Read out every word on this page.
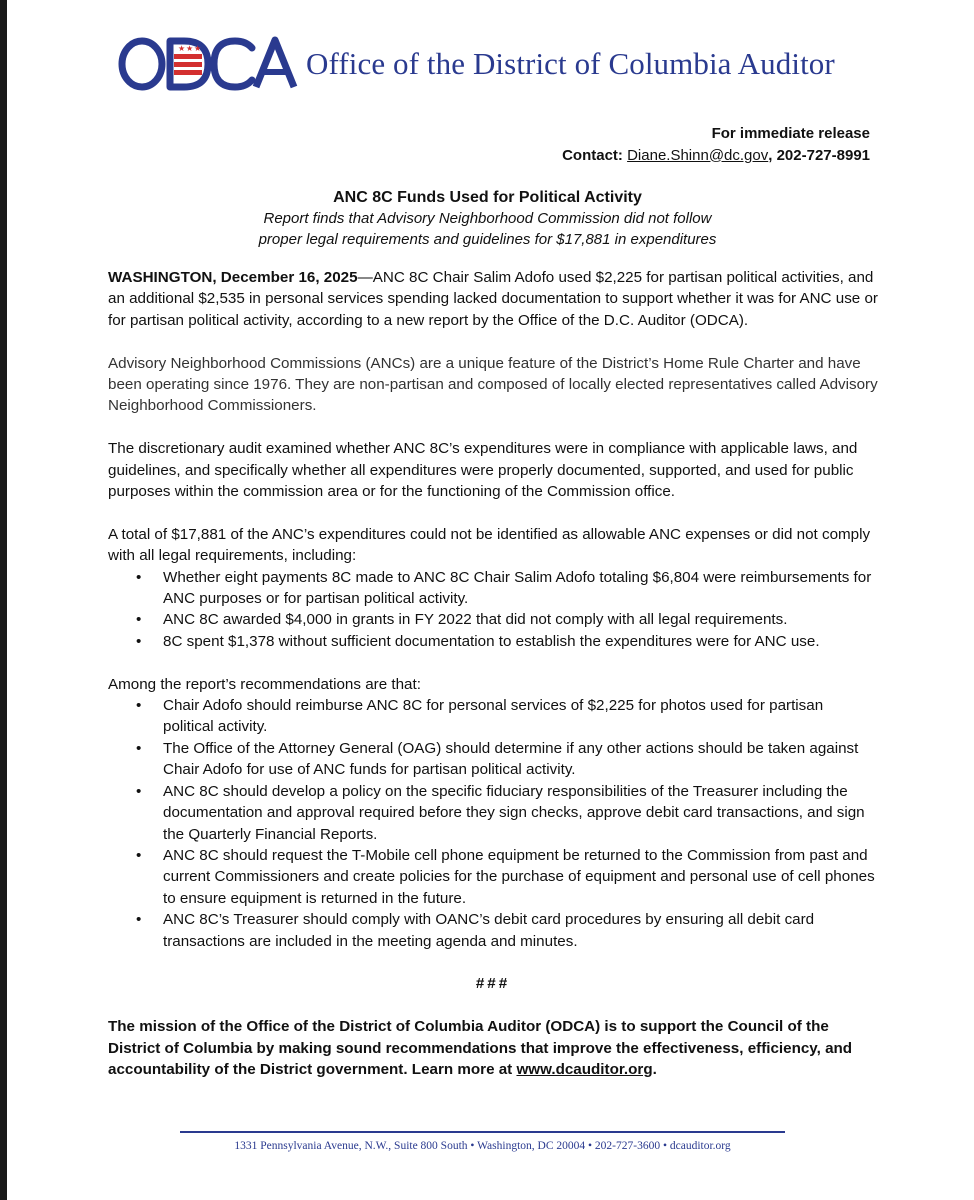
★ ★ ★	Office of the District of Columbia Auditor
For immediate release
Contact: Diane.Shinn@dc.gov, 202-727-8991
ANC 8C Funds Used for Political Activity
Report finds that Advisory Neighborhood Commission did not follow
proper legal requirements and guidelines for $17,881 in expenditures

WASHINGTON, December 16, 2025—ANC 8C Chair Salim Adofo used $2,225 for partisan political activities, and an additional $2,535 in personal services spending lacked documentation to support whether it was for ANC use or for partisan political activity, according to a new report by the Office of the D.C. Auditor (ODCA).

Advisory Neighborhood Commissions (ANCs) are a unique feature of the District’s Home Rule Charter and have been operating since 1976. They are non-partisan and composed of locally elected representatives called Advisory Neighborhood Commissioners.

The discretionary audit examined whether ANC 8C’s expenditures were in compliance with applicable laws, and guidelines, and specifically whether all expenditures were properly documented, supported, and used for public purposes within the commission area or for the functioning of the Commission office.

A total of $17,881 of the ANC’s expenditures could not be identified as allowable ANC expenses or did not comply with all legal requirements, including:

• Whether eight payments 8C made to ANC 8C Chair Salim Adofo totaling $6,804 were reimbursements for ANC purposes or for partisan political activity.
• ANC 8C awarded $4,000 in grants in FY 2022 that did not comply with all legal requirements.
• 8C spent $1,378 without sufficient documentation to establish the expenditures were for ANC use.

Among the report’s recommendations are that:

• Chair Adofo should reimburse ANC 8C for personal services of $2,225 for photos used for partisan political activity.
• The Office of the Attorney General (OAG) should determine if any other actions should be taken against Chair Adofo for use of ANC funds for partisan political activity.
• ANC 8C should develop a policy on the specific fiduciary responsibilities of the Treasurer including the documentation and approval required before they sign checks, approve debit card transactions, and sign the Quarterly Financial Reports.
• ANC 8C should request the T-Mobile cell phone equipment be returned to the Commission from past and current Commissioners and create policies for the purchase of equipment and personal use of cell phones to ensure equipment is returned in the future.
• ANC 8C’s Treasurer should comply with OANC’s debit card procedures by ensuring all debit card transactions are included in the meeting agenda and minutes.
###

The mission of the Office of the District of Columbia Auditor (ODCA) is to support the Council of the District of Columbia by making sound recommendations that improve the effectiveness, efficiency, and accountability of the District government. Learn more at www.dcauditor.org.

1331 Pennsylvania Avenue, N.W., Suite 800 South • Washington, DC 20004 • 202-727-3600 • dcauditor.org
